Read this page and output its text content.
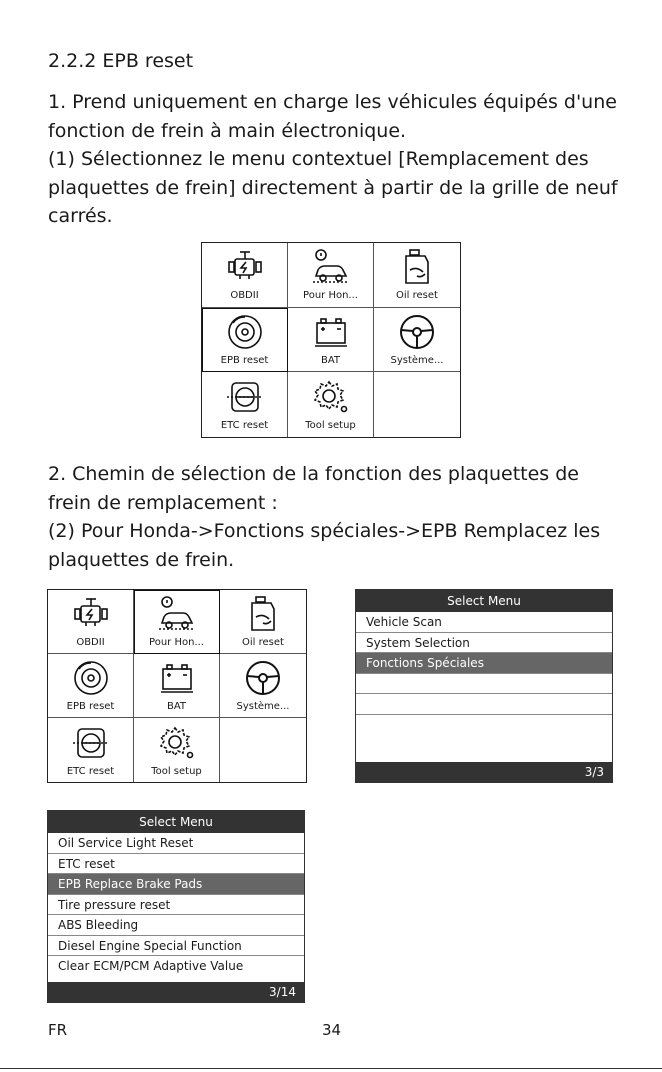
2.2.2 EPB reset

1. Prend uniquement en charge les véhicules équipés d'une fonction de frein à main électronique.
(1) Sélectionnez le menu contextuel [Remplacement des plaquettes de frein] directement à partir de la grille de neuf carrés.

OBDII	Pour Hon...	Oil reset
EPB reset	BAT	Système...
ETC reset	Tool setup

2. Chemin de sélection de la fonction des plaquettes de frein de remplacement :
(2) Pour Honda->Fonctions spéciales->EPB Remplacez les plaquettes de frein.

OBDII	Pour Hon...	Oil reset
EPB reset	BAT	Système...
ETC reset	Tool setup
Select Menu
Vehicle Scan
System Selection
Fonctions Spéciales
3/3
Select Menu
Oil Service Light Reset
ETC reset
EPB Replace Brake Pads
Tire pressure reset
ABS Bleeding
Diesel Engine Special Function
Clear ECM/PCM Adaptive Value
3/14
FR	34
